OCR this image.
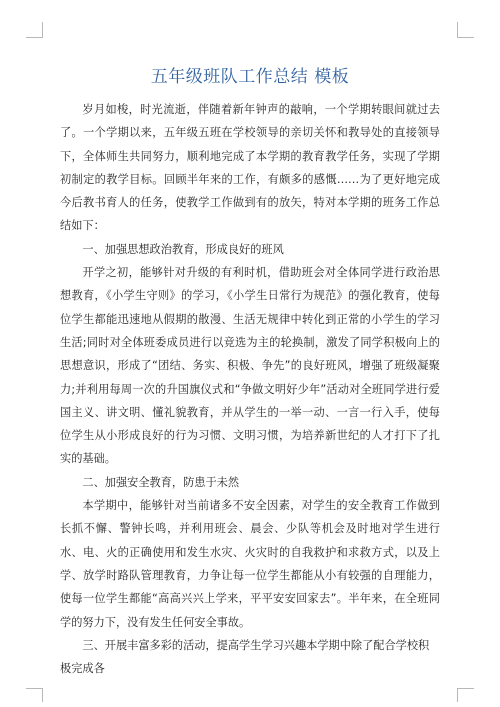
五年级班队工作总结 模板

岁月如梭，时光流逝，伴随着新年钟声的敲响，一个学期转眼间就过去了。一个学期以来，五年级五班在学校领导的亲切关怀和教导处的直接领导下，全体师生共同努力，顺利地完成了本学期的教育教学任务，实现了学期初制定的教学目标。回顾半年来的工作，有颇多的感慨……为了更好地完成今后教书育人的任务，使教学工作做到有的放矢，特对本学期的班务工作总结如下：

一、加强思想政治教育，形成良好的班风

开学之初，能够针对升级的有利时机，借助班会对全体同学进行政治思想教育，《小学生守则》的学习，《小学生日常行为规范》的强化教育，使每位学生都能迅速地从假期的散漫、生活无规律中转化到正常的小学生的学习生活;同时对全体班委成员进行以竞选为主的轮换制，激发了同学积极向上的思想意识，形成了“团结、务实、积极、争先”的良好班风，增强了班级凝聚力;并利用每周一次的升国旗仪式和“争做文明好少年”活动对全班同学进行爱国主义、讲文明、懂礼貌教育，并从学生的一举一动、一言一行入手，使每位学生从小形成良好的行为习惯、文明习惯，为培养新世纪的人才打下了扎实的基础。

二、加强安全教育，防患于未然

本学期中，能够针对当前诸多不安全因素，对学生的安全教育工作做到长抓不懈、警钟长鸣，并利用班会、晨会、少队等机会及时地对学生进行水、电、火的正确使用和发生水灾、火灾时的自我救护和求救方式，以及上学、放学时路队管理教育，力争让每一位学生都能从小有较强的自理能力，使每一位学生都能“高高兴兴上学来，平平安安回家去”。半年来，在全班同学的努力下，没有发生任何安全事故。

三、开展丰富多彩的活动，提高学生学习兴趣本学期中除了配合学校积极完成各
